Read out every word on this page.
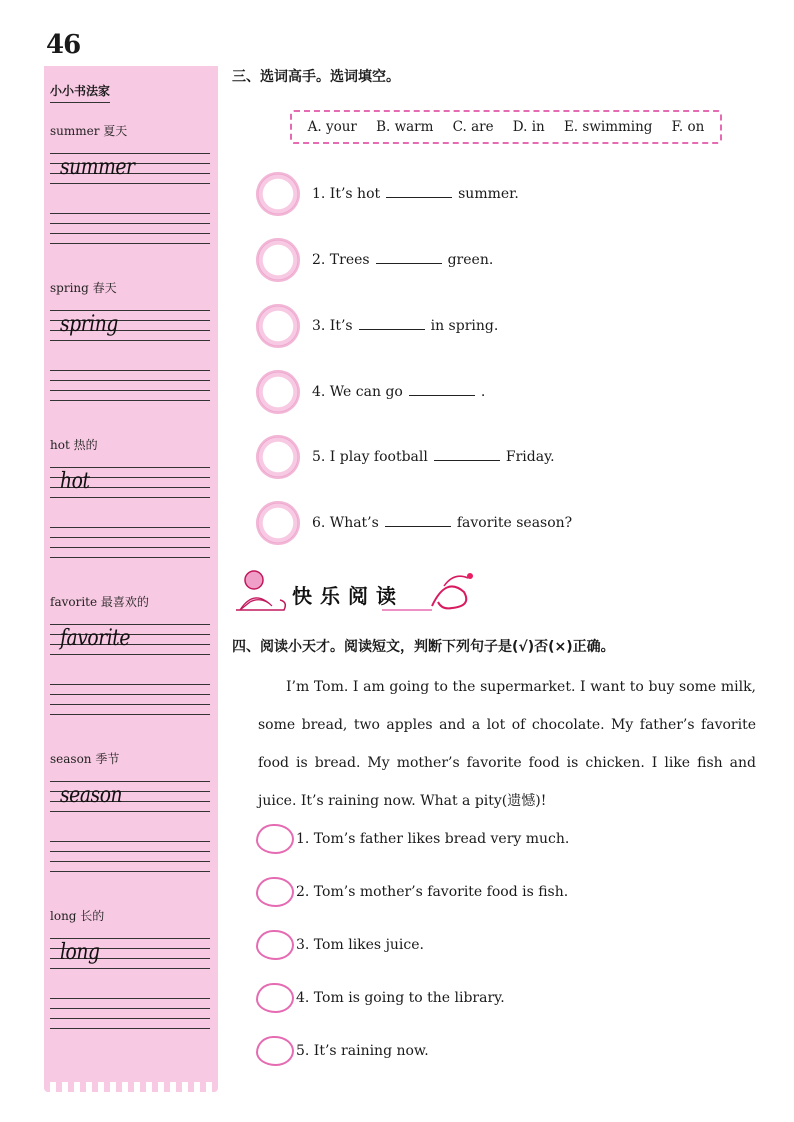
46
小小书法家
summer 夏天
summer
spring 春天
spring
hot 热的
hot
favorite 最喜欢的
favorite
season 季节
season
long 长的
long
三、选词高手。选词填空。
A. your B. warm C. are D. in E. swimming F. on
1. It’s hot	summer.
2. Trees	green.
3. It’s	in spring.
4. We can go	.
5. I play football	Friday.
6. What’s	favorite season?
快乐阅读
四、阅读小天才。阅读短文，判断下列句子是(√)否(×)正确。

I’m Tom. I am going to the supermarket. I want to buy some milk, some bread, two apples and a lot of chocolate. My father’s favorite food is bread. My mother’s favorite food is chicken. I like fish and juice. It’s raining now. What a pity(遗憾)!

1. Tom’s father likes bread very much.
2. Tom’s mother’s favorite food is fish.
3. Tom likes juice.
4. Tom is going to the library.
5. It’s raining now.
